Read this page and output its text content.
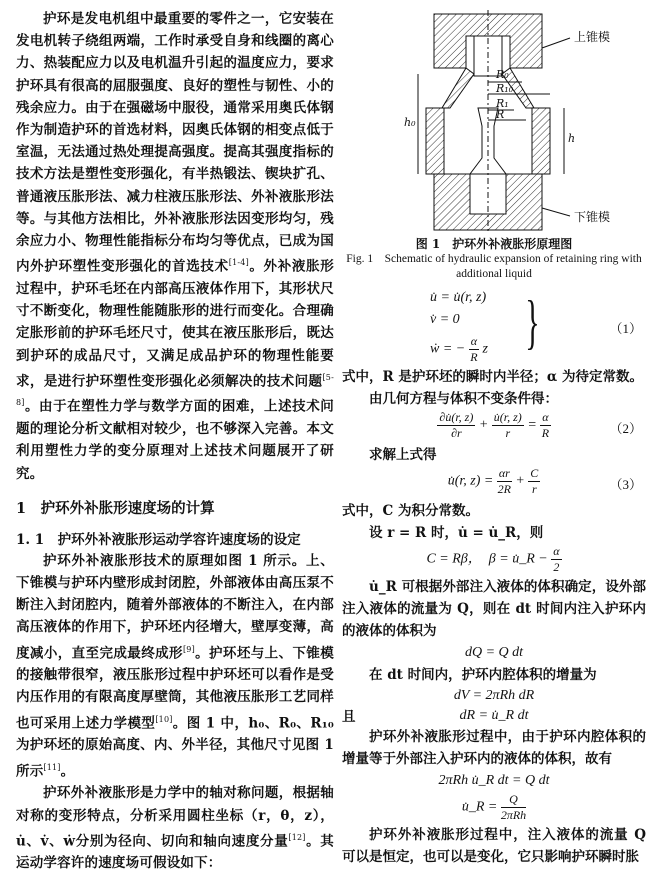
护环是发电机组中最重要的零件之一，它安装在发电机转子绕组两端，工作时承受自身和线圈的离心力、热装配应力以及电机温升引起的温度应力，要求护环具有很高的屈服强度、良好的塑性与韧性、小的残余应力。由于在强磁场中服役，通常采用奥氏体钢作为制造护环的首选材料，因奥氏体钢的相变点低于室温，无法通过热处理提高强度。提高其强度指标的技术方法是塑性变形强化，有半热锻法、锲块扩孔、普通液压胀形法、减力柱液压胀形法、外补液胀形法等。与其他方法相比，外补液胀形法因变形均匀，残余应力小、物理性能指标分布均匀等优点，已成为国内外护环塑性变形强化的首选技术[1-4]。外补液胀形过程中，护环毛坯在内部高压液体作用下，其形状尺寸不断变化，物理性能随胀形的进行而变化。合理确定胀形前的护环毛坯尺寸，使其在液压胀形后，既达到护环的成品尺寸，又满足成品护环的物理性能要求，是进行护环塑性变形强化必须解决的技术问题[5-8]。由于在塑性力学与数学方面的困难，上述技术问题的理论分析文献相对较少，也不够深入完善。本文利用塑性力学的变分原理对上述技术问题展开了研究。

1　护环外补胀形速度场的计算
1. 1　护环外补液胀形运动学容许速度场的设定

护环外补液胀形技术的原理如图 1 所示。上、下锥模与护环内壁形成封闭腔，外部液体由高压泵不断注入封闭腔内，随着外部液体的不断注入，在内部高压液体的作用下，护环坯内径增大，壁厚变薄，高度减小，直至完成最终成形[9]。护环坯与上、下锥模的接触带很窄，液压胀形过程中护环坯可以看作是受内压作用的有限高度厚壁筒，其他液压胀形工艺同样也可采用上述力学模型[10]。图 1 中，h₀、R₀、R₁₀ 为护环坯的原始高度、内、外半径，其他尺寸见图 1 所示[11]。

护环外补液胀形是力学中的轴对称问题，根据轴对称的变形特点，分析采用圆柱坐标（r，θ，z），u̇、v̇、ẇ分别为径向、切向和轴向速度分量[12]。其运动学容许的速度场可假设如下：

上锥模
下锥模
R₀
R₁₀
R₁
R
h₀
h
图 1　护环外补液胀形原理图
Fig. 1　Schematic of hydraulic expansion of retaining ring with additional liquid
u̇ = u̇(r, z)
v̇ = 0
ẇ = − $\frac{\alpha}{R}$ z }	（1）

式中，R 是护环坯的瞬时内半径；α 为待定常数。

由几何方程与体积不变条件得：

$\frac{\partial u̇(r, z)}{\partial r} + \frac{u̇(r, z)}{r} = \frac{\alpha}{R}$	（2）

求解上式得

u̇(r, $z) = \frac{\alpha r}{2R} + \frac{C}{r}$	（3）

式中，C 为积分常数。

设 r = R 时，u̇ = u̇_R，则

C = Rβ，　β = u̇_R − $\frac{\alpha}{2}$

u̇_R 可根据外部注入液体的体积确定，设外部注入液体的流量为 Q，则在 dt 时间内注入护环内的液体的体积为

dQ = Q dt

在 dt 时间内，护环内腔体积的增量为

dV = 2πRh dR
且	dR = u̇_R dt

护环外补液胀形过程中，由于护环内腔体积的增量等于外部注入护环内的液体的体积，故有

2πRh u̇_R dt = Q dt
u̇_R = $\frac{Q}{\text{2πRh}}$

护环外补液胀形过程中，注入液体的流量 Q 可以是恒定，也可以是变化，它只影响护环瞬时胀
